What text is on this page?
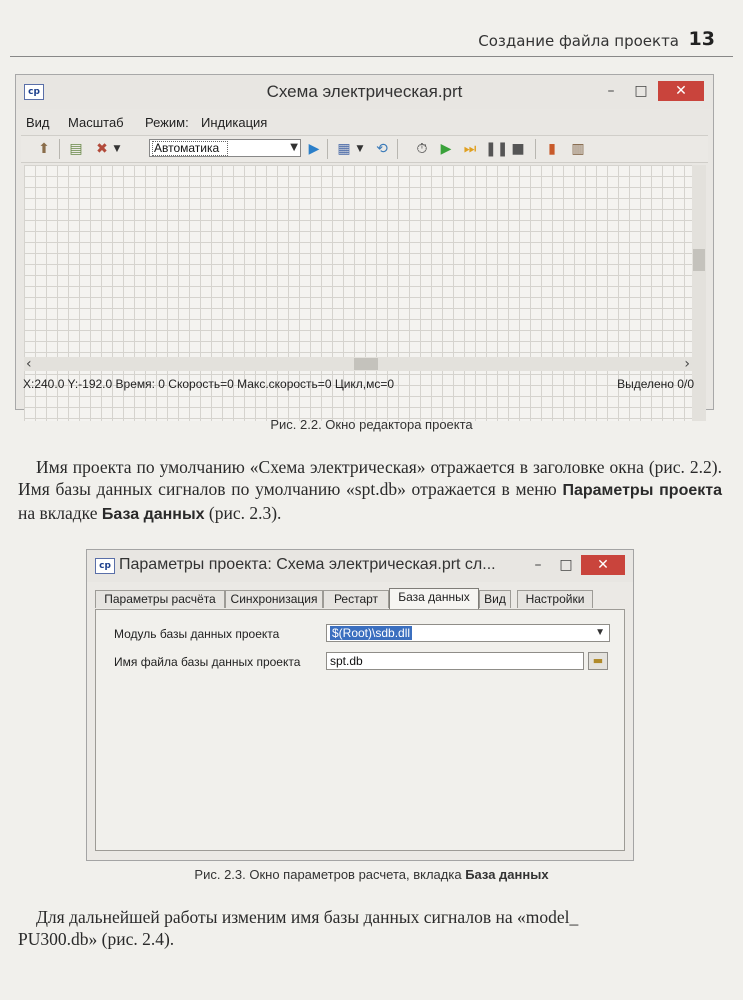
Создание файла проекта 13
ср	Схема электрическая.prt	–	□	✕
Вид Масштаб Режим: Индикация
⬆ ▤ ✖ ▼	Автоматика	▼ ▶ ▦ ▼ ⟲ ⏱ ▶ ⏭ ❚❚ ■	▮	▥
‹	›
X:240.0 Y:-192.0 Время: 0 Скорость=0 Макс.скорость=0 Цикл,мс=0	Выделено 0/0
Рис. 2.2. Окно редактора проекта
Имя проекта по умолчанию «Схема электрическая» отражается в заголовке окна (рис. 2.2). Имя базы данных сигналов по умолчанию «spt.db» отражается в меню Параметры проекта на вкладке База данных (рис. 2.3).
ср Параметры проекта: Схема электрическая.prt сл...	–	□	✕
Параметры расчёта	Синхронизация	Рестарт	База данных	Вид	Настройки
Модуль базы данных проекта	$(Root)\sdb.dll	▼
Имя файла базы данных проекта	spt.db	▬
Рис. 2.3. Окно параметров расчета, вкладка База данных
Для дальнейшей работы изменим имя базы данных сигналов на «model_
PU300.db» (рис. 2.4).
